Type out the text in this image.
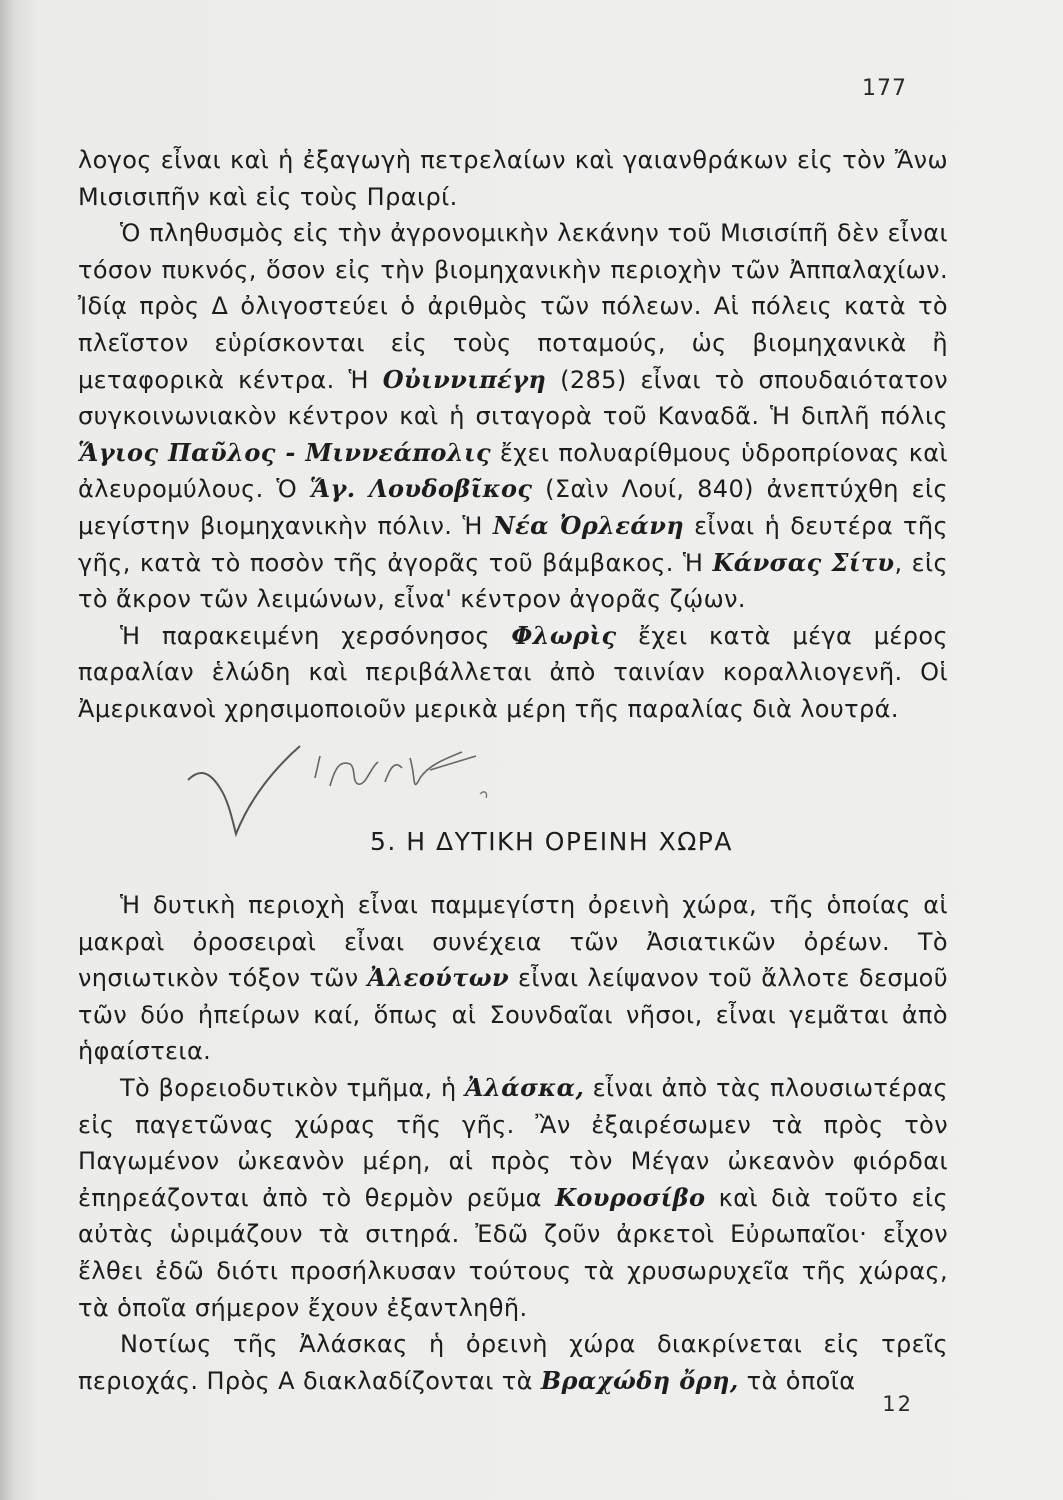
177

λογος εἶναι καὶ ἡ ἐξαγωγὴ πετρελαίων καὶ γαιανθράκων εἰς τὸν Ἄνω Μισισιπῆν καὶ εἰς τοὺς Πραιρί.

Ὁ πληθυσμὸς εἰς τὴν ἀγρονομικὴν λεκάνην τοῦ Μισισίπῆ δὲν εἶναι τόσον πυκνός, ὅσον εἰς τὴν βιομηχανικὴν περιοχὴν τῶν Ἀππαλαχίων. Ἰδίᾳ πρὸς Δ ὀλιγοστεύει ὁ ἀριθμὸς τῶν πόλεων. Αἱ πόλεις κατὰ τὸ πλεῖστον εὑρίσκονται εἰς τοὺς ποταμούς, ὡς βιομηχανικὰ ἢ μεταφορικὰ κέντρα. Ἡ Οὐιννιπέγη (285) εἶναι τὸ σπουδαιότατον συγκοινωνιακὸν κέντρον καὶ ἡ σιταγορὰ τοῦ Καναδᾶ. Ἡ διπλῆ πόλις Ἅγιος Παῦλος - Μιννεάπολις ἔχει πολυαρίθμους ὑδροπρίονας καὶ ἀλευρομύλους. Ὁ Ἅγ. Λουδοβῖκος (Σαὶν Λουί, 840) ἀνεπτύχθη εἰς μεγίστην βιομηχανικὴν πόλιν. Ἡ Νέα Ὀρλεάνη εἶναι ἡ δευτέρα τῆς γῆς, κατὰ τὸ ποσὸν τῆς ἀγορᾶς τοῦ βάμβακος. Ἡ Κάνσας Σίτυ, εἰς τὸ ἄκρον τῶν λειμώνων, εἶνα' κέντρον ἀγορᾶς ζῴων.

Ἡ παρακειμένη χερσόνησος Φλωρὶς ἔχει κατὰ μέγα μέρος παραλίαν ἑλώδη καὶ περιβάλλεται ἀπὸ ταινίαν κοραλλιογενῆ. Οἱ Ἀμερικανοὶ χρησιμοποιοῦν μερικὰ μέρη τῆς παραλίας διὰ λουτρά.

5. Η ΔΥΤΙΚΗ ΟΡΕΙΝΗ ΧΩΡΑ

Ἡ δυτικὴ περιοχὴ εἶναι παμμεγίστη ὀρεινὴ χώρα, τῆς ὁποίας αἱ μακραὶ ὀροσειραὶ εἶναι συνέχεια τῶν Ἀσιατικῶν ὀρέων. Τὸ νησιωτικὸν τόξον τῶν Ἀλεούτων εἶναι λείψανον τοῦ ἄλλοτε δεσμοῦ τῶν δύο ἠπείρων καί, ὅπως αἱ Σουνδαῖαι νῆσοι, εἶναι γεμᾶται ἀπὸ ἡφαίστεια.

Τὸ βορειοδυτικὸν τμῆμα, ἡ Ἀλάσκα, εἶναι ἀπὸ τὰς πλουσιωτέρας εἰς παγετῶνας χώρας τῆς γῆς. Ἂν ἐξαιρέσωμεν τὰ πρὸς τὸν Παγωμένον ὠκεανὸν μέρη, αἱ πρὸς τὸν Μέγαν ὠκεανὸν φιόρδαι ἐπηρεάζονται ἀπὸ τὸ θερμὸν ρεῦμα Κουροσίβο καὶ διὰ τοῦτο εἰς αὐτὰς ὡριμάζουν τὰ σιτηρά. Ἐδῶ ζοῦν ἀρκετοὶ Εὐρωπαῖοι· εἶχον ἔλθει ἐδῶ διότι προσήλκυσαν τούτους τὰ χρυσωρυχεῖα τῆς χώρας, τὰ ὁποῖα σήμερον ἔχουν ἐξαντληθῆ.

Νοτίως τῆς Ἀλάσκας ἡ ὀρεινὴ χώρα διακρίνεται εἰς τρεῖς περιοχάς. Πρὸς Α διακλαδίζονται τὰ Βραχώδη ὄρη, τὰ ὁποῖα

12
